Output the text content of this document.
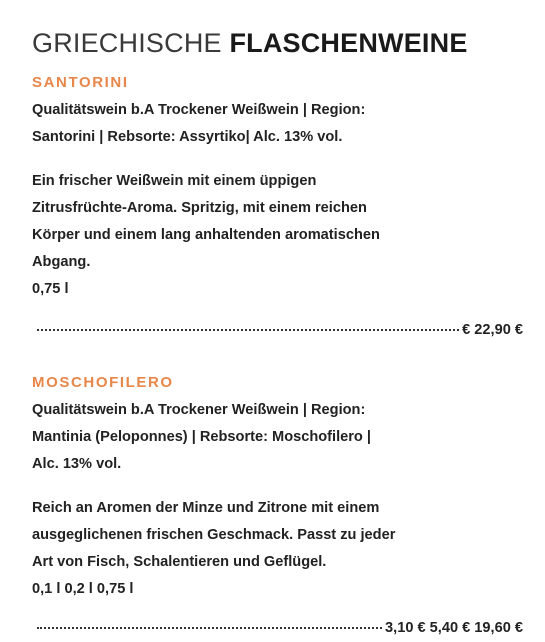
GRIECHISCHE FLASCHENWEINE
SANTORINI

Qualitätswein b.A Trockener Weißwein | Region:
Santorini | Rebsorte: Assyrtiko| Alc. 13% vol.

Ein frischer Weißwein mit einem üppigen
Zitrusfrüchte-Aroma. Spritzig, mit einem reichen
Körper und einem lang anhaltenden aromatischen
Abgang.
0,75 l

€ 22,90 €
MOSCHOFILERO

Qualitätswein b.A Trockener Weißwein | Region:
Mantinia (Peloponnes) | Rebsorte: Moschofilero |
Alc. 13% vol.

Reich an Aromen der Minze und Zitrone mit einem
ausgeglichenen frischen Geschmack. Passt zu jeder
Art von Fisch, Schalentieren und Geflügel.
0,1 l 0,2 l 0,75 l

3,10 € 5,40 € 19,60 €
